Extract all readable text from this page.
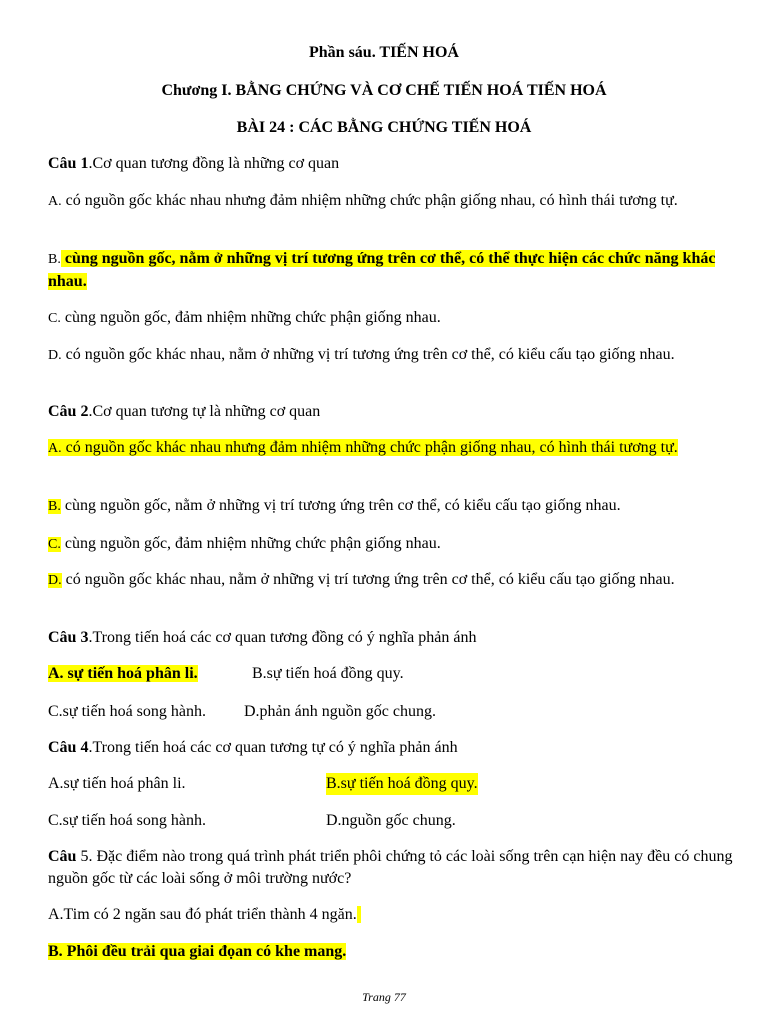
Phần sáu. TIẾN HOÁ
Chương I. BẰNG CHỨNG VÀ CƠ CHẾ TIẾN HOÁ TIẾN HOÁ
BÀI 24 : CÁC BẰNG CHỨNG TIẾN HOÁ
Câu 1.Cơ quan tương đồng là những cơ quan
A. có nguồn gốc khác nhau nhưng đảm nhiệm những chức phận giống nhau, có hình thái tương tự.
B. cùng nguồn gốc, nằm ở những vị trí tương ứng trên cơ thể, có thể thực hiện các chức năng khác nhau.
C. cùng nguồn gốc, đảm nhiệm những chức phận giống nhau.
D. có nguồn gốc khác nhau, nằm ở những vị trí tương ứng trên cơ thể, có kiểu cấu tạo giống nhau.
Câu 2.Cơ quan tương tự là những cơ quan
A. có nguồn gốc khác nhau nhưng đảm nhiệm những chức phận giống nhau, có hình thái tương tự.
B. cùng nguồn gốc, nằm ở những vị trí tương ứng trên cơ thể, có kiểu cấu tạo giống nhau.
C. cùng nguồn gốc, đảm nhiệm những chức phận giống nhau.
D. có nguồn gốc khác nhau, nằm ở những vị trí tương ứng trên cơ thể, có kiểu cấu tạo giống nhau.
Câu 3.Trong tiến hoá các cơ quan tương đồng có ý nghĩa phản ánh
A. sự tiến hoá phân li.	B.sự tiến hoá đồng quy.
C.sự tiến hoá song hành. D.phản ánh nguồn gốc chung.
Câu 4.Trong tiến hoá các cơ quan tương tự có ý nghĩa phản ánh
A.sự tiến hoá phân li.	B.sự tiến hoá đồng quy.
C.sự tiến hoá song hành.	D.nguồn gốc chung.
Câu 5. Đặc điểm nào trong quá trình phát triển phôi chứng tỏ các loài sống trên cạn hiện nay đều có chung nguồn gốc từ các loài sống ở môi trường nước?
A.Tim có 2 ngăn sau đó phát triển thành 4 ngăn.
B. Phôi đều trải qua giai đọan có khe mang.
Trang 77
